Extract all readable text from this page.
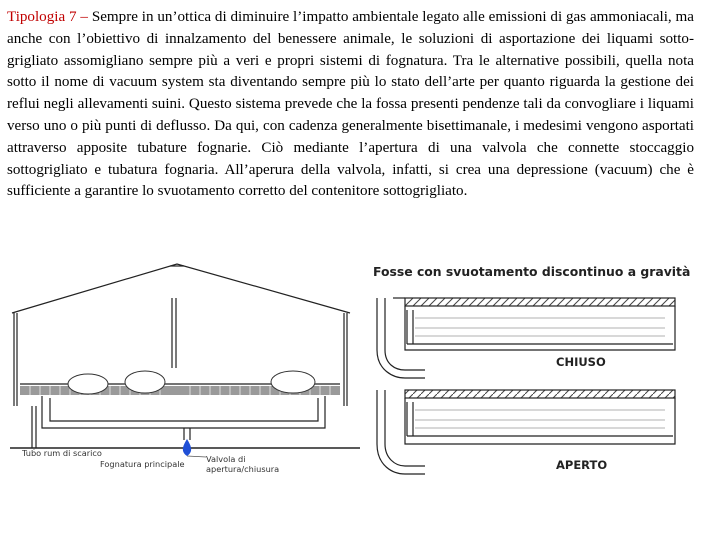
Tipologia 7 – Sempre in un’ottica di diminuire l’impatto ambientale legato alle emissioni di gas ammoniacali, ma anche con l’obiettivo di innalzamento del benessere animale, le soluzioni di asportazione dei liquami sotto-grigliato assomigliano sempre più a veri e propri sistemi di fognatura. Tra le alternative possibili, quella nota sotto il nome di vacuum system sta diventando sempre più lo stato dell’arte per quanto riguarda la gestione dei reflui negli allevamenti suini. Questo sistema prevede che la fossa presenti pendenze tali da convogliare i liquami verso uno o più punti di deflusso. Da qui, con cadenza generalmente bisettimanale, i medesimi vengono asportati attraverso apposite tubature fognarie. Ciò mediante l’apertura di una valvola che connette stoccaggio sottogrigliato e tubatura fognaria. All’aperura della valvola, infatti, si crea una depressione (vacuum) che è sufficiente a garantire lo svuotamento corretto del contenitore sottogrigliato.
Tubo rum di scarico
Fognatura principale	Valvola di apertura/chiusura
Fosse con svuotamento discontinuo a gravità
CHIUSO
APERTO
